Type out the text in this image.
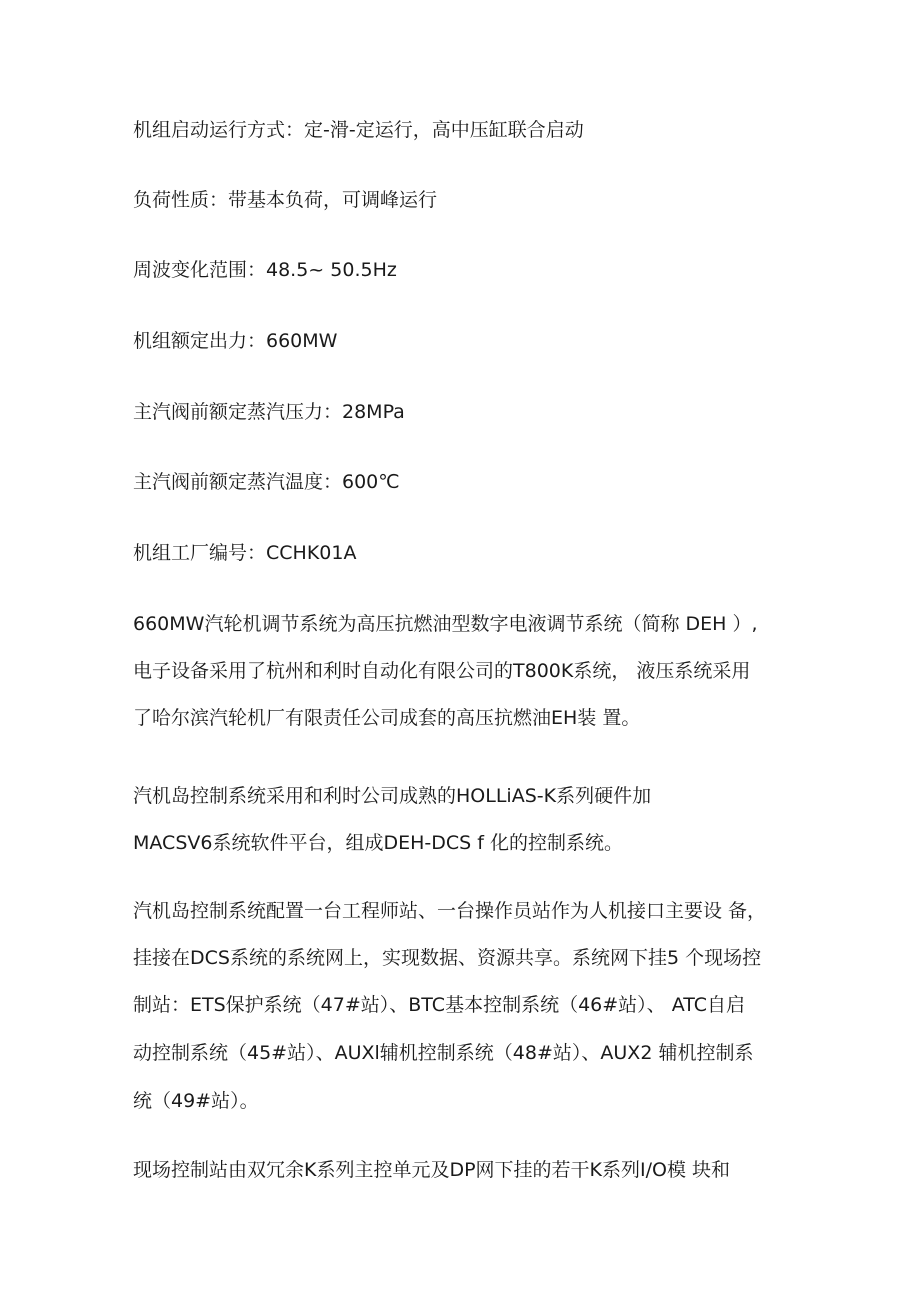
机组启动运行方式：定-滑-定运行，高中压缸联合启动
负荷性质：带基本负荷，可调峰运行
周波变化范围：48.5~ 50.5Hz
机组额定出力：660MW
主汽阀前额定蒸汽压力：28MPa
主汽阀前额定蒸汽温度：600℃
机组工厂编号：CCHK01A
660MW汽轮机调节系统为高压抗燃油型数字电液调节系统（简称 DEH ）,
电子设备采用了杭州和利时自动化有限公司的T800K系统， 液压系统采用
了哈尔滨汽轮机厂有限责任公司成套的高压抗燃油EH装 置。
汽机岛控制系统采用和利时公司成熟的HOLLiAS-K系列硬件加
MACSV6系统软件平台，组成DEH-DCS f 化的控制系统。
汽机岛控制系统配置一台工程师站、一台操作员站作为人机接口主要设 备，
挂接在DCS系统的系统网上，实现数据、资源共享。系统网下挂5 个现场控
制站：ETS保护系统（47#站）、BTC基本控制系统（46#站）、 ATC自启
动控制系统（45#站）、AUXl辅机控制系统（48#站）、AUX2 辅机控制系
统（49#站）。
现场控制站由双冗余K系列主控单元及DP网下挂的若干K系列I/O模 块和
